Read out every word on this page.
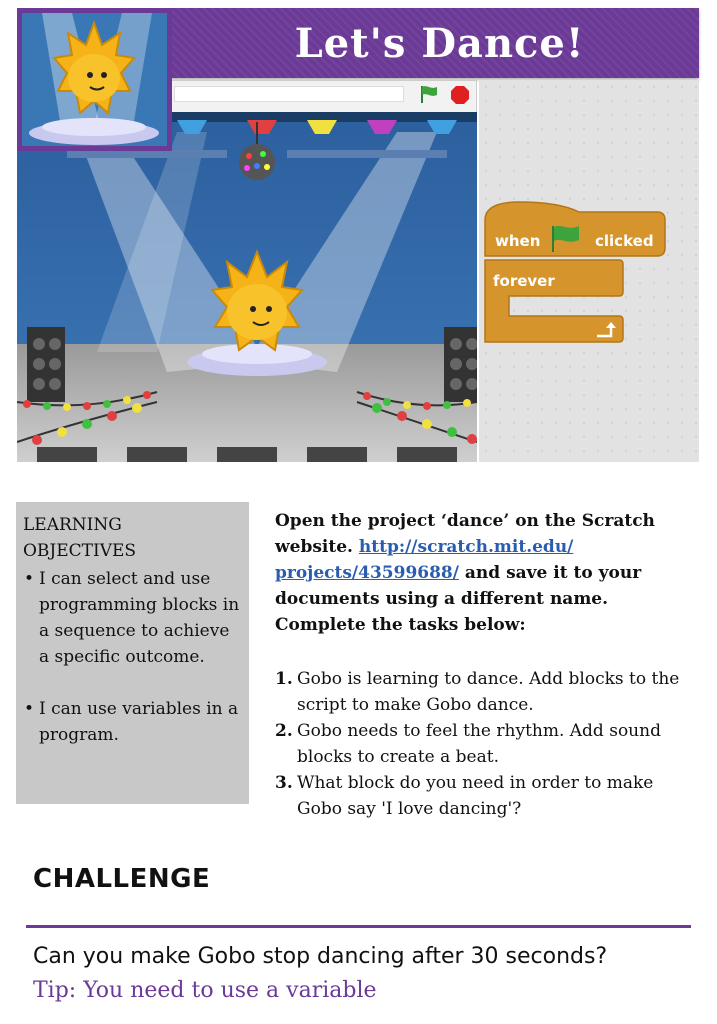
Let's Dance!
when	clicked
forever
LEARNING
OBJECTIVES
• I can select and use programming blocks in a sequence to achieve a specific outcome.
• I can use variables in a program.
Open the project ‘dance’ on the Scratch website. http://scratch.mit.edu/ projects/43599688/ and save it to your documents using a different name. Complete the tasks below:
1. Gobo is learning to dance. Add blocks to the script to make Gobo dance.
2. Gobo needs to feel the rhythm. Add sound blocks to create a beat.
3. What block do you need in order to make Gobo say 'I love dancing'?
CHALLENGE
Can you make Gobo stop dancing after 30 seconds?
Tip: You need to use a variable
